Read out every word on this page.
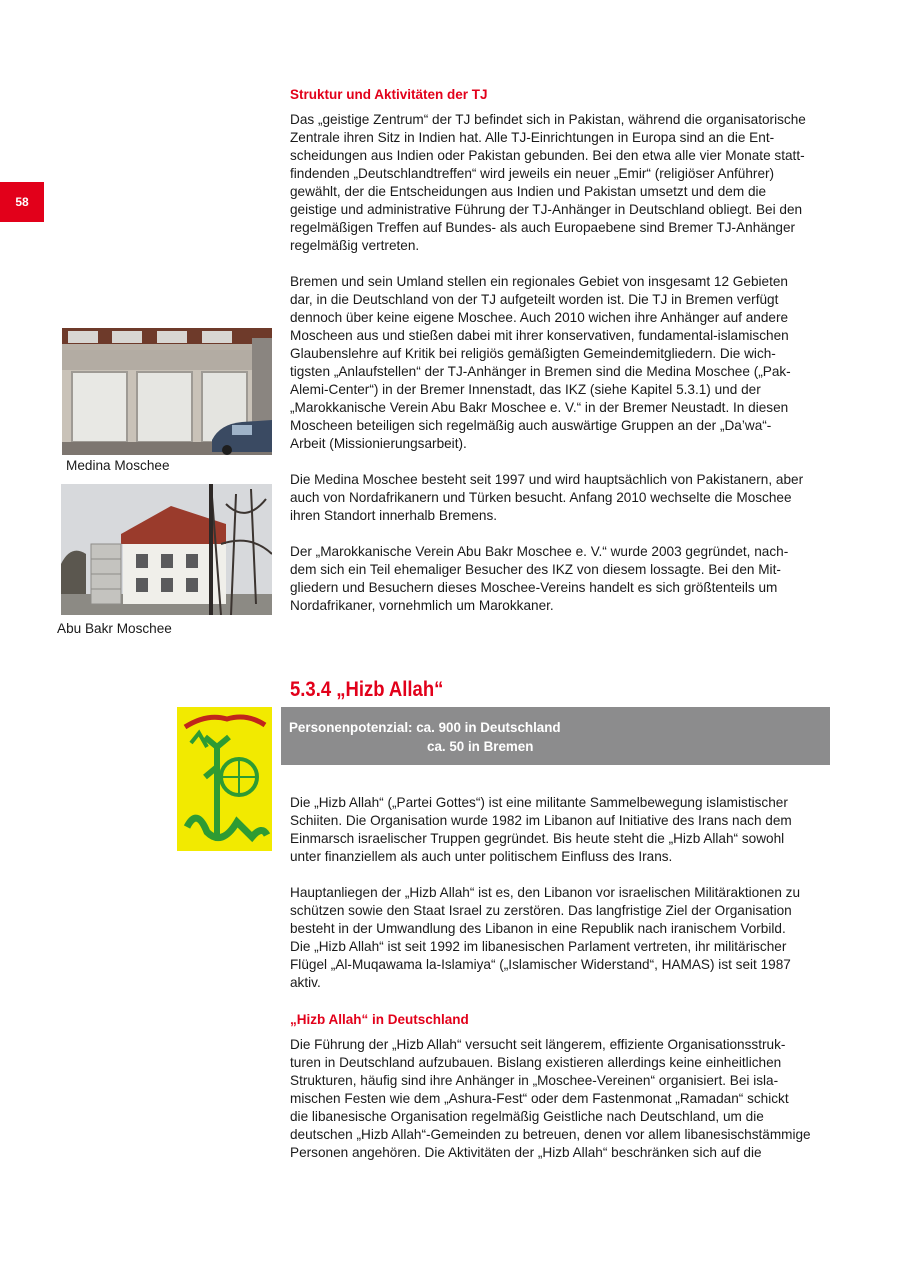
58
Struktur und Aktivitäten der TJ

Das „geistige Zentrum“ der TJ befindet sich in Pakistan, während die organisatorische
Zentrale ihren Sitz in Indien hat. Alle TJ-Einrichtungen in Europa sind an die Ent-
scheidungen aus Indien oder Pakistan gebunden. Bei den etwa alle vier Monate statt-
findenden „Deutschlandtreffen“ wird jeweils ein neuer „Emir“ (religiöser Anführer)
gewählt, der die Entscheidungen aus Indien und Pakistan umsetzt und dem die
geistige und administrative Führung der TJ-Anhänger in Deutschland obliegt. Bei den
regelmäßigen Treffen auf Bundes- als auch Europaebene sind Bremer TJ-Anhänger
regelmäßig vertreten.

Bremen und sein Umland stellen ein regionales Gebiet von insgesamt 12 Gebieten
dar, in die Deutschland von der TJ aufgeteilt worden ist. Die TJ in Bremen verfügt
dennoch über keine eigene Moschee. Auch 2010 wichen ihre Anhänger auf andere
Moscheen aus und stießen dabei mit ihrer konservativen, fundamental-islamischen
Glaubenslehre auf Kritik bei religiös gemäßigten Gemeindemitgliedern. Die wich-
tigsten „Anlaufstellen“ der TJ-Anhänger in Bremen sind die Medina Moschee („Pak-
Alemi-Center“) in der Bremer Innenstadt, das IKZ (siehe Kapitel 5.3.1) und der
„Marokkanische Verein Abu Bakr Moschee e. V.“ in der Bremer Neustadt. In diesen
Moscheen beteiligen sich regelmäßig auch auswärtige Gruppen an der „Da’wa“-
Arbeit (Missionierungsarbeit).

Die Medina Moschee besteht seit 1997 und wird hauptsächlich von Pakistanern, aber
auch von Nordafrikanern und Türken besucht. Anfang 2010 wechselte die Moschee
ihren Standort innerhalb Bremens.

Der „Marokkanische Verein Abu Bakr Moschee e. V.“ wurde 2003 gegründet, nach-
dem sich ein Teil ehemaliger Besucher des IKZ von diesem lossagte. Bei den Mit-
gliedern und Besuchern dieses Moschee-Vereins handelt es sich größtenteils um
Nordafrikaner, vornehmlich um Marokkaner.

Medina Moschee
Abu Bakr Moschee
5.3.4 „Hizb Allah“
Personenpotenzial: ca. 900 in Deutschland
ca. 50 in Bremen

Die „Hizb Allah“ („Partei Gottes“) ist eine militante Sammelbewegung islamistischer
Schiiten. Die Organisation wurde 1982 im Libanon auf Initiative des Irans nach dem
Einmarsch israelischer Truppen gegründet. Bis heute steht die „Hizb Allah“ sowohl
unter finanziellem als auch unter politischem Einfluss des Irans.

Hauptanliegen der „Hizb Allah“ ist es, den Libanon vor israelischen Militäraktionen zu
schützen sowie den Staat Israel zu zerstören. Das langfristige Ziel der Organisation
besteht in der Umwandlung des Libanon in eine Republik nach iranischem Vorbild.
Die „Hizb Allah“ ist seit 1992 im libanesischen Parlament vertreten, ihr militärischer
Flügel „Al-Muqawama la-Islamiya“ („Islamischer Widerstand“, HAMAS) ist seit 1987
aktiv.

„Hizb Allah“ in Deutschland

Die Führung der „Hizb Allah“ versucht seit längerem, effiziente Organisationsstruk-
turen in Deutschland aufzubauen. Bislang existieren allerdings keine einheitlichen
Strukturen, häufig sind ihre Anhänger in „Moschee-Vereinen“ organisiert. Bei isla-
mischen Festen wie dem „Ashura-Fest“ oder dem Fastenmonat „Ramadan“ schickt
die libanesische Organisation regelmäßig Geistliche nach Deutschland, um die
deutschen „Hizb Allah“-Gemeinden zu betreuen, denen vor allem libanesischstämmige
Personen angehören. Die Aktivitäten der „Hizb Allah“ beschränken sich auf die
